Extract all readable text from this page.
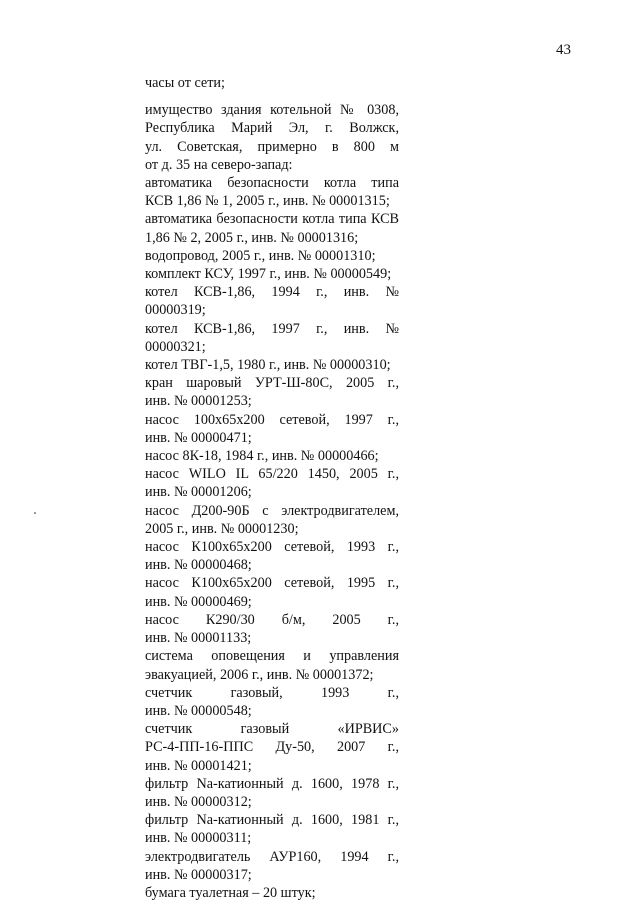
43
часы от сети;
имущество здания котельной № 0308,
Республика Марий Эл, г. Волжск,
ул. Советская, примерно в 800 м
от д. 35 на северо-запад:
автоматика безопасности котла типа
КСВ 1,86 № 1, 2005 г., инв. № 00001315;
автоматика безопасности котла типа КСВ
1,86 № 2, 2005 г., инв. № 00001316;
водопровод, 2005 г., инв. № 00001310;
комплект КСУ, 1997 г., инв. № 00000549;
котел КСВ-1,86, 1994 г., инв. № 00000319;
котел КСВ-1,86, 1997 г., инв. № 00000321;
котел ТВГ-1,5, 1980 г., инв. № 00000310;
кран шаровый УРТ-Ш-80С, 2005 г.,
инв. № 00001253;
насос 100х65х200 сетевой, 1997 г.,
инв. № 00000471;
насос 8К-18, 1984 г., инв. № 00000466;
насос WILO IL 65/220 1450, 2005 г.,
инв. № 00001206;
насос Д200-90Б с электродвигателем,
2005 г., инв. № 00001230;
насос К100х65х200 сетевой, 1993 г.,
инв. № 00000468;
насос К100х65х200 сетевой, 1995 г.,
инв. № 00000469;
насос К290/30 б/м, 2005 г.,
инв. № 00001133;
система оповещения и управления
эвакуацией, 2006 г., инв. № 00001372;
счетчик газовый, 1993 г.,
инв. № 00000548;
счетчик газовый «ИРВИС»
РС-4-ПП-16-ППС Ду-50, 2007 г.,
инв. № 00001421;
фильтр Na-катионный д. 1600, 1978 г.,
инв. № 00000312;
фильтр Na-катионный д. 1600, 1981 г.,
инв. № 00000311;
электродвигатель АУР160, 1994 г.,
инв. № 00000317;
бумага туалетная – 20 штук;
